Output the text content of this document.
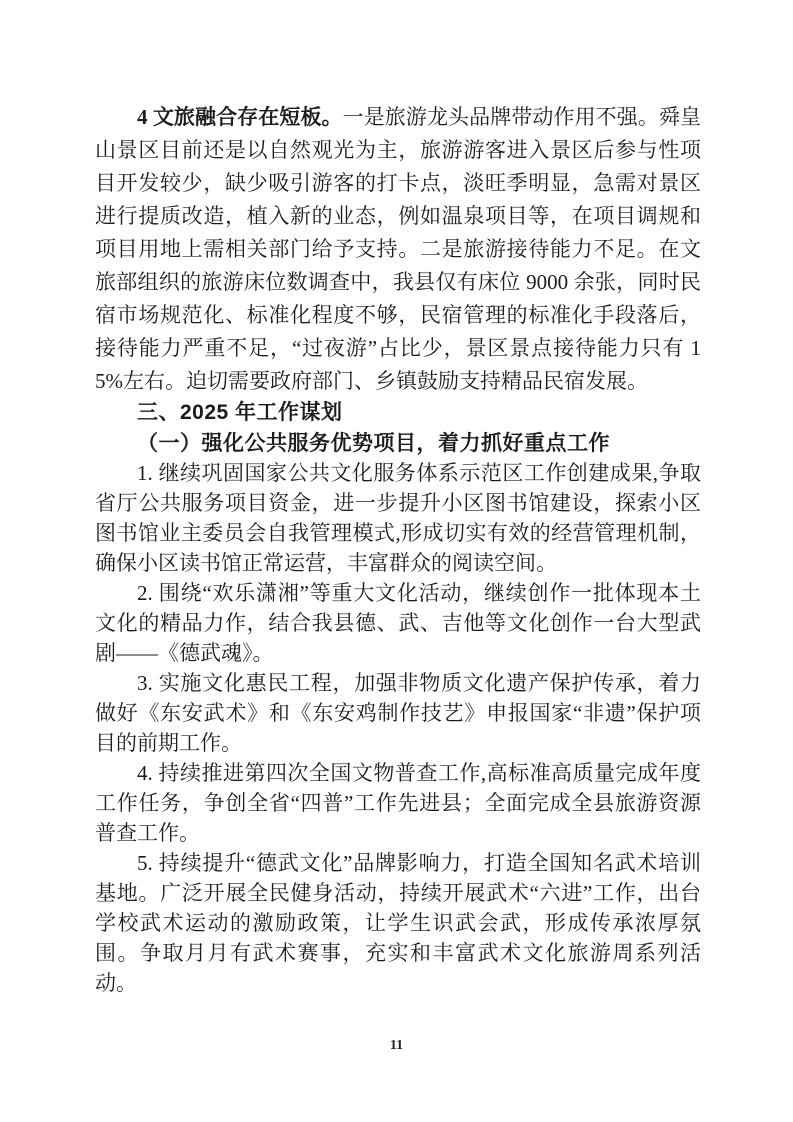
4 文旅融合存在短板。一是旅游龙头品牌带动作用不强。舜皇山景区目前还是以自然观光为主，旅游游客进入景区后参与性项目开发较少，缺少吸引游客的打卡点，淡旺季明显，急需对景区进行提质改造，植入新的业态，例如温泉项目等，在项目调规和项目用地上需相关部门给予支持。二是旅游接待能力不足。在文旅部组织的旅游床位数调查中，我县仅有床位 9000 余张，同时民宿市场规范化、标准化程度不够，民宿管理的标准化手段落后，接待能力严重不足，“过夜游”占比少，景区景点接待能力只有 15%左右。迫切需要政府部门、乡镇鼓励支持精品民宿发展。

三、2025 年工作谋划

（一）强化公共服务优势项目，着力抓好重点工作

1. 继续巩固国家公共文化服务体系示范区工作创建成果,争取省厅公共服务项目资金，进一步提升小区图书馆建设，探索小区图书馆业主委员会自我管理模式,形成切实有效的经营管理机制，确保小区读书馆正常运营，丰富群众的阅读空间。

2. 围绕“欢乐潇湘”等重大文化活动，继续创作一批体现本土文化的精品力作，结合我县德、武、吉他等文化创作一台大型武剧——《德武魂》。

3. 实施文化惠民工程，加强非物质文化遗产保护传承，着力做好《东安武术》和《东安鸡制作技艺》申报国家“非遗”保护项目的前期工作。

4. 持续推进第四次全国文物普查工作,高标准高质量完成年度工作任务，争创全省“四普”工作先进县；全面完成全县旅游资源普查工作。

5. 持续提升“德武文化”品牌影响力，打造全国知名武术培训基地。广泛开展全民健身活动，持续开展武术“六进”工作，出台学校武术运动的激励政策，让学生识武会武，形成传承浓厚氛围。争取月月有武术赛事，充实和丰富武术文化旅游周系列活动。

11
